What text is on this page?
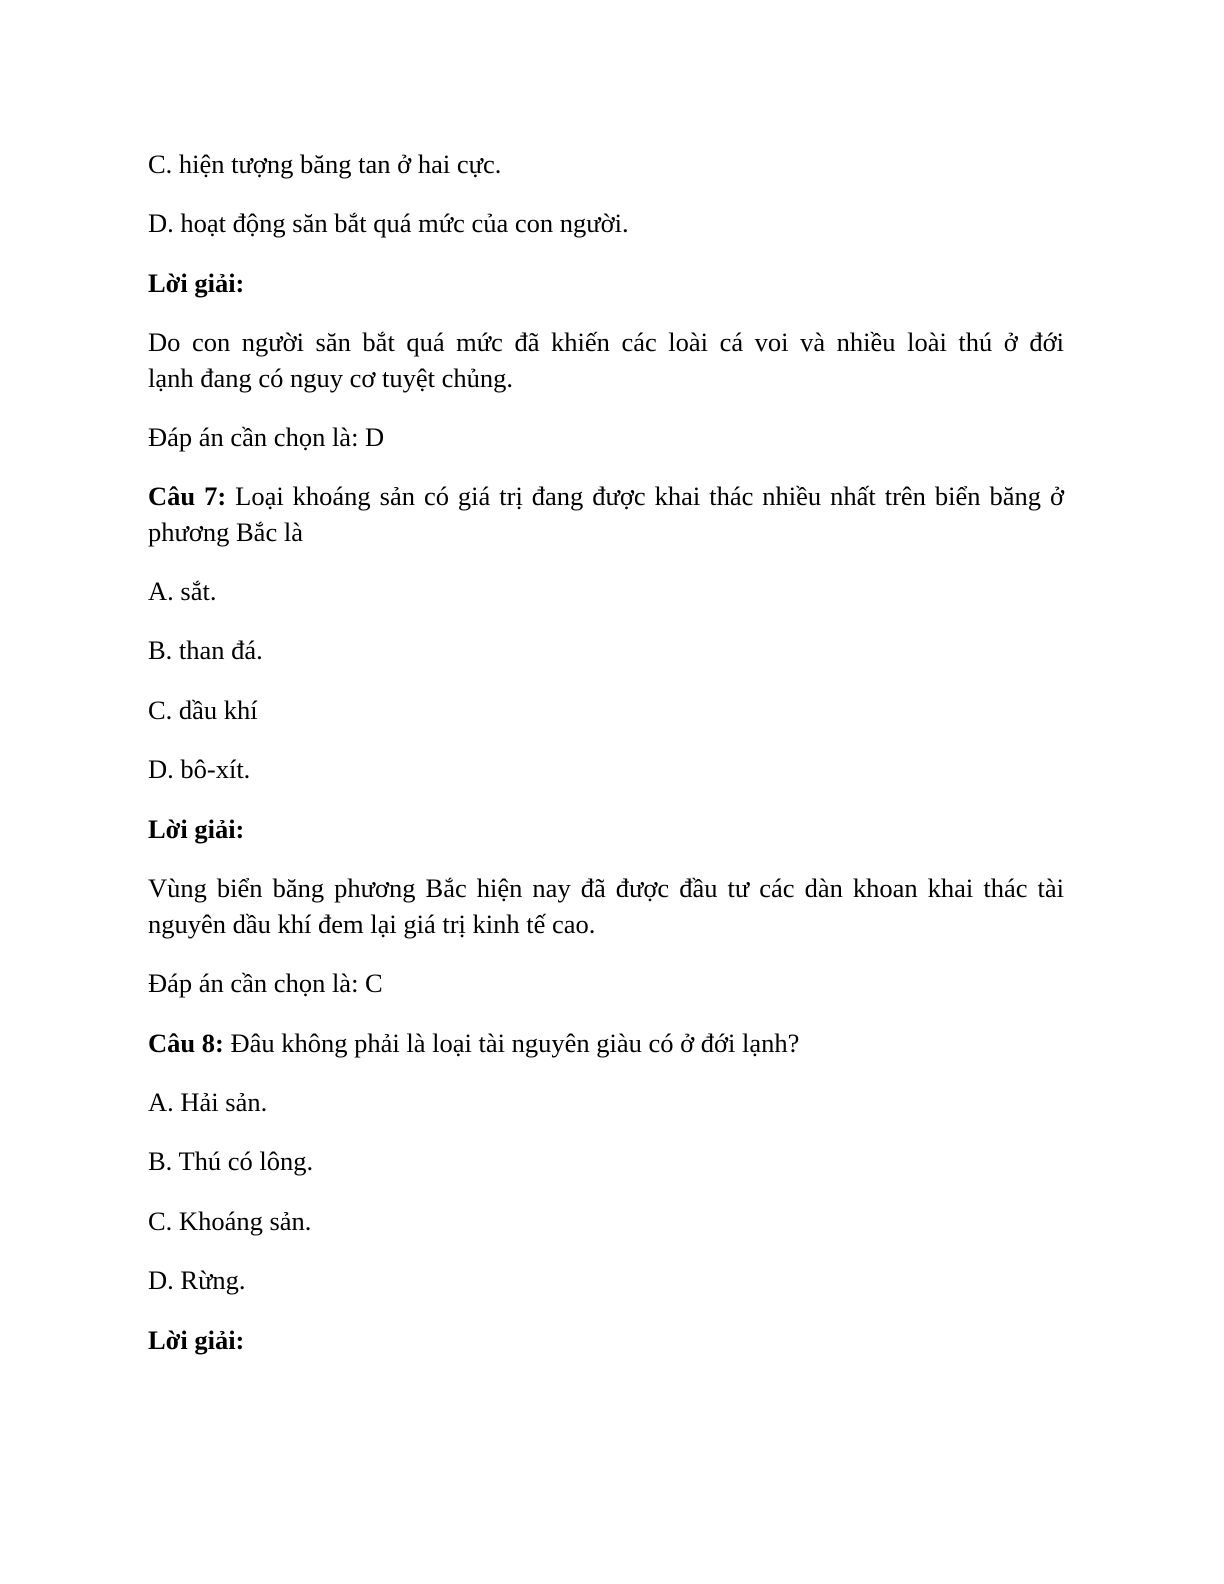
C. hiện tượng băng tan ở hai cực.

D. hoạt động săn bắt quá mức của con người.

Lời giải:

Do con người săn bắt quá mức đã khiến các loài cá voi và nhiều loài thú ở đới
lạnh đang có nguy cơ tuyệt chủng.

Đáp án cần chọn là: D

Câu 7: Loại khoáng sản có giá trị đang được khai thác nhiều nhất trên biển băng ở
phương Bắc là

A. sắt.

B. than đá.

C. dầu khí

D. bô-xít.

Lời giải:

Vùng biển băng phương Bắc hiện nay đã được đầu tư các dàn khoan khai thác tài
nguyên dầu khí đem lại giá trị kinh tế cao.

Đáp án cần chọn là: C

Câu 8: Đâu không phải là loại tài nguyên giàu có ở đới lạnh?

A. Hải sản.

B. Thú có lông.

C. Khoáng sản.

D. Rừng.

Lời giải:
